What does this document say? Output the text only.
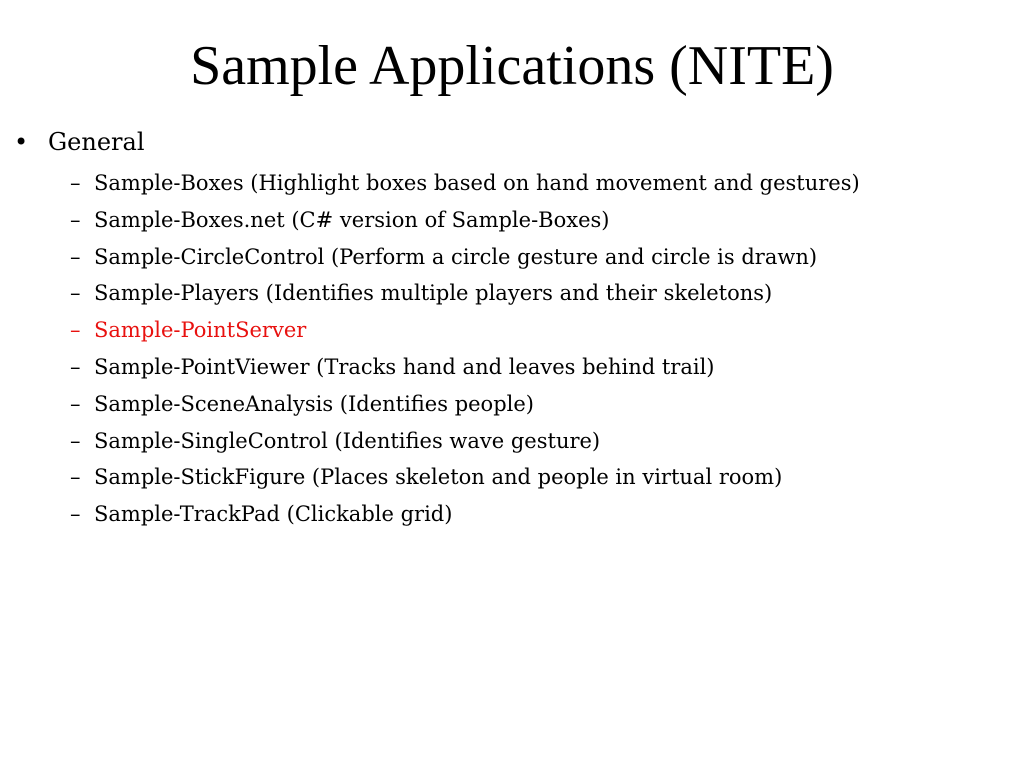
Sample Applications (NITE)
• General
– Sample-Boxes (Highlight boxes based on hand movement and gestures)
– Sample-Boxes.net (C# version of Sample-Boxes)
– Sample-CircleControl (Perform a circle gesture and circle is drawn)
– Sample-Players (Identifies multiple players and their skeletons)
– Sample-PointServer
– Sample-PointViewer (Tracks hand and leaves behind trail)
– Sample-SceneAnalysis (Identifies people)
– Sample-SingleControl (Identifies wave gesture)
– Sample-StickFigure (Places skeleton and people in virtual room)
– Sample-TrackPad (Clickable grid)
